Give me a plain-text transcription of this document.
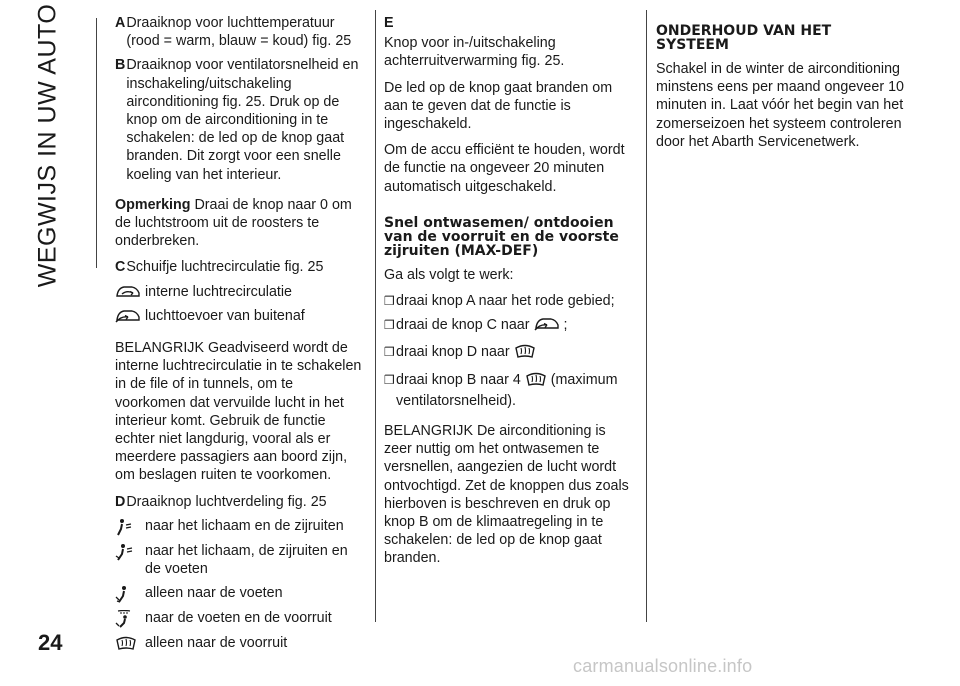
WEGWIJS IN UW AUTO	A Draaiknop voor luchttemperatuur (rood = warm, blauw = koud) fig. 25
B Draaiknop voor ventilatorsnelheid en inschakeling/uitschakeling airconditioning fig. 25. Druk op de knop om de airconditioning in te schakelen: de led op de knop gaat branden. Dit zorgt voor een snelle koeling van het interieur.

Opmerking Draai de knop naar 0 om de luchtstroom uit de roosters te onderbreken.

C Schuifje luchtrecirculatie fig. 25
interne luchtrecirculatie
luchttoevoer van buitenaf

BELANGRIJK Geadviseerd wordt de interne luchtrecirculatie in te schakelen in de file of in tunnels, om te voorkomen dat vervuilde lucht in het interieur komt. Gebruik de functie echter niet langdurig, vooral als er meerdere passagiers aan boord zijn, om beslagen ruiten te voorkomen.

D Draaiknop luchtverdeling fig. 25
naar het lichaam en de zijruiten
naar het lichaam, de zijruiten en de voeten
alleen naar de voeten
naar de voeten en de voorruit
alleen naar de voorruit
E

Knop voor in-/uitschakeling achterruitverwarming fig. 25.

De led op de knop gaat branden om aan te geven dat de functie is ingeschakeld.

Om de accu efficiënt te houden, wordt de functie na ongeveer 20 minuten automatisch uitgeschakeld.

Snel ontwasemen/ ontdooien van de voorruit en de voorste zijruiten (MAX-DEF)

Ga als volgt te werk:

❒ draai knop A naar het rode gebied;
❒ draai de knop C naar ;
❒ draai knop D naar
❒ draai knop B naar 4 (maximum ventilatorsnelheid).

BELANGRIJK De airconditioning is zeer nuttig om het ontwasemen te versnellen, aangezien de lucht wordt ontvochtigd. Zet de knoppen dus zoals hierboven is beschreven en druk op knop B om de klimaatregeling in te schakelen: de led op de knop gaat branden.

ONDERHOUD VAN HET SYSTEEM

Schakel in de winter de airconditioning minstens eens per maand ongeveer 10 minuten in. Laat vóór het begin van het zomerseizoen het systeem controleren door het Abarth Servicenetwerk.

24
carmanualsonline.info
